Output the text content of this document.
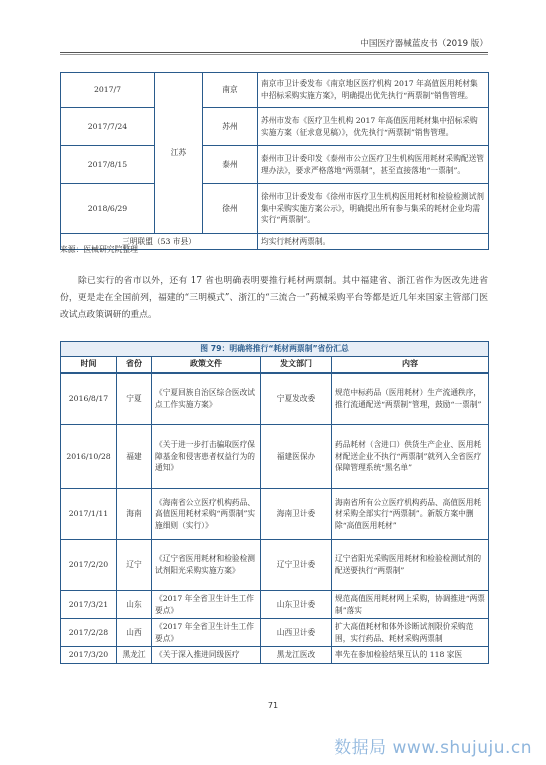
中国医疗器械蓝皮书（2019 版）
2017/7	江苏	南京	南京市卫计委发布《南京地区医疗机构 2017 年高值医用耗材集中招标采购实施方案》，明确提出优先执行“两票制”销售管理。
2017/7/24		苏州	苏州市发布《医疗卫生机构 2017 年高值医用耗材集中招标采购实施方案（征求意见稿）》，优先执行“两票制”销售管理。
2017/8/15		泰州	泰州市卫计委印发《泰州市公立医疗卫生机构医用耗材采购配送管理办法》，要求严格落地“两票制”，甚至直接落地“一票制”。
2018/6/29		徐州	徐州市卫计委发布《徐州市医疗卫生机构医用耗材和检验检测试剂集中采购实施方案公示》，明确提出所有参与集采的耗材企业均需实行“两票制”。
三明联盟（53 市县）			均实行耗材两票制。
来源：医械研究院整理

除已实行的省市以外，还有 17 省也明确表明要推行耗材两票制。其中福建省、浙江省作为医改先进省份，更是走在全国前列，福建的“三明模式”、浙江的“三流合一”药械采购平台等都是近几年来国家主管部门医改试点政策调研的重点。

图 79：明确将推行“耗材两票制”省份汇总				
时间	省份	政策文件	发文部门	内容
2016/8/17	宁夏	《宁夏回族自治区综合医改试点工作实施方案》	宁夏发改委	规范中标药品（医用耗材）生产流通秩序，推行流通配送“两票制”管理，鼓励“一票制”
2016/10/28	福建	《关于进一步打击骗取医疗保障基金和侵害患者权益行为的通知》	福建医保办	药品耗材（含进口）供货生产企业、医用耗材配送企业不执行“两票制”就列入全省医疗保障管理系统“黑名单”
2017/1/11	海南	《海南省公立医疗机构药品、高值医用耗材采购“两票制”实施细则（实行）》	海南卫计委	海南省所有公立医疗机构药品、高值医用耗材采购全部实行“两票制”。新版方案中删除“高值医用耗材”
2017/2/20	辽宁	《辽宁省医用耗材和检验检测试剂阳光采购实施方案》	辽宁卫计委	辽宁省阳光采购医用耗材和检验检测试剂的配送要执行“两票制”
2017/3/21	山东	《2017 年全省卫生计生工作要点》	山东卫计委	规范高值医用耗材网上采购，协调推进“两票制”落实
2017/2/28	山西	《2017 年全省卫生计生工作要点》	山西卫计委	扩大高值耗材和体外诊断试剂限价采购范围，实行药品、耗材采购两票制
2017/3/20	黑龙江	《关于深入推进同级医疗	黑龙江医改	率先在参加检验结果互认的 118 家医
71
数据局 www.shujuju.cn
